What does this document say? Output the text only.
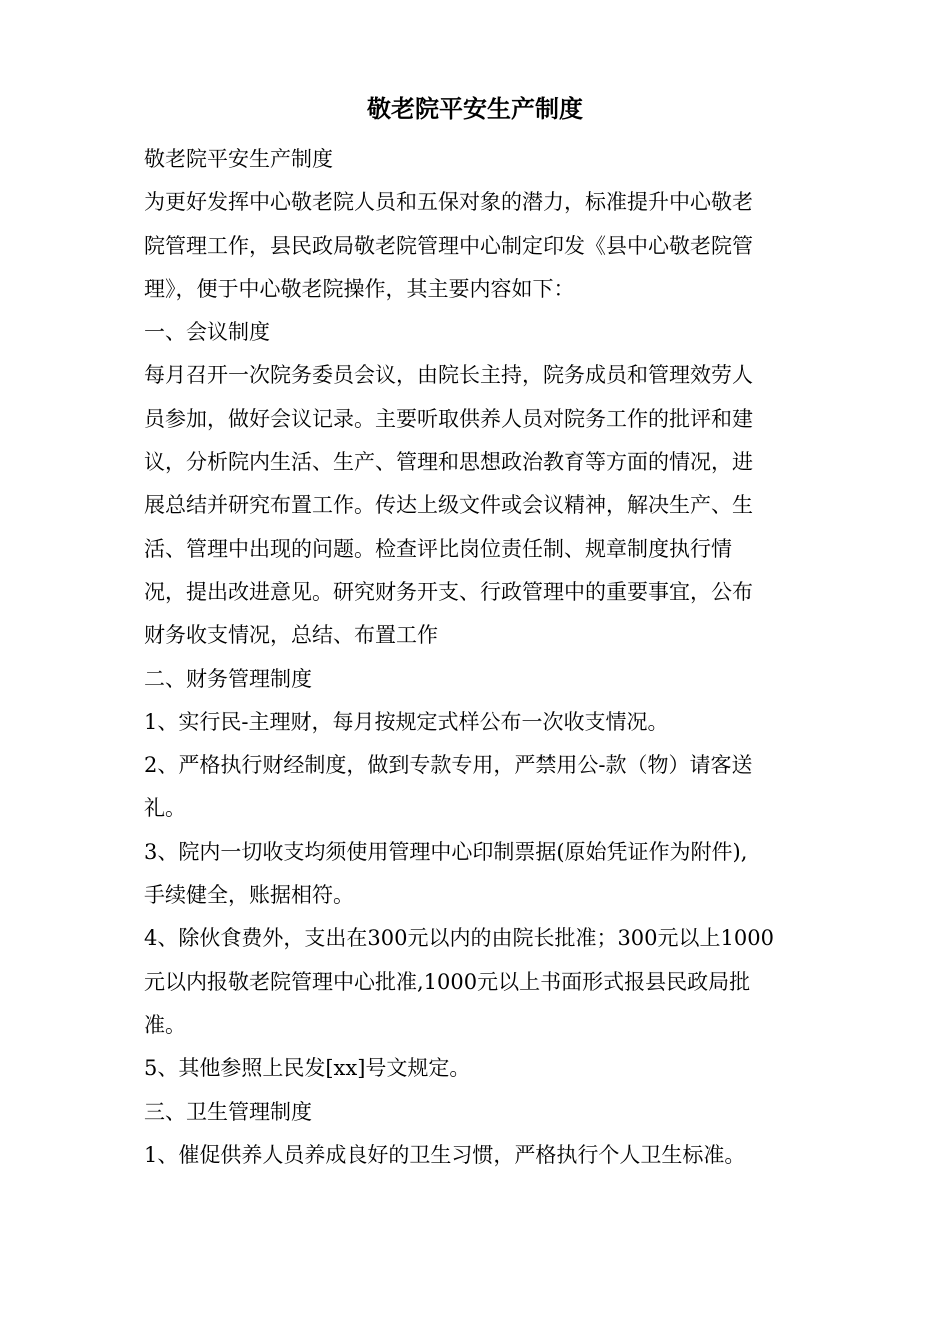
敬老院平安生产制度

敬老院平安生产制度

为更好发挥中心敬老院人员和五保对象的潜力，标准提升中心敬老

院管理工作，县民政局敬老院管理中心制定印发《县中心敬老院管

理》，便于中心敬老院操作，其主要内容如下：

一、会议制度

每月召开一次院务委员会议，由院长主持，院务成员和管理效劳人

员参加，做好会议记录。主要听取供养人员对院务工作的批评和建

议，分析院内生活、生产、管理和思想政治教育等方面的情况，进

展总结并研究布置工作。传达上级文件或会议精神，解决生产、生

活、管理中出现的问题。检查评比岗位责任制、规章制度执行情

况，提出改进意见。研究财务开支、行政管理中的重要事宜，公布

财务收支情况，总结、布置工作

二、财务管理制度

1、实行民-主理财，每月按规定式样公布一次收支情况。

2、严格执行财经制度，做到专款专用，严禁用公-款（物）请客送

礼。

3、院内一切收支均须使用管理中心印制票据(原始凭证作为附件),

手续健全，账据相符。

4、除伙食费外，支出在300元以内的由院长批准；300元以上1000

元以内报敬老院管理中心批准,1000元以上书面形式报县民政局批

准。

5、其他参照上民发[xx]号文规定。

三、卫生管理制度

1、催促供养人员养成良好的卫生习惯，严格执行个人卫生标准。
